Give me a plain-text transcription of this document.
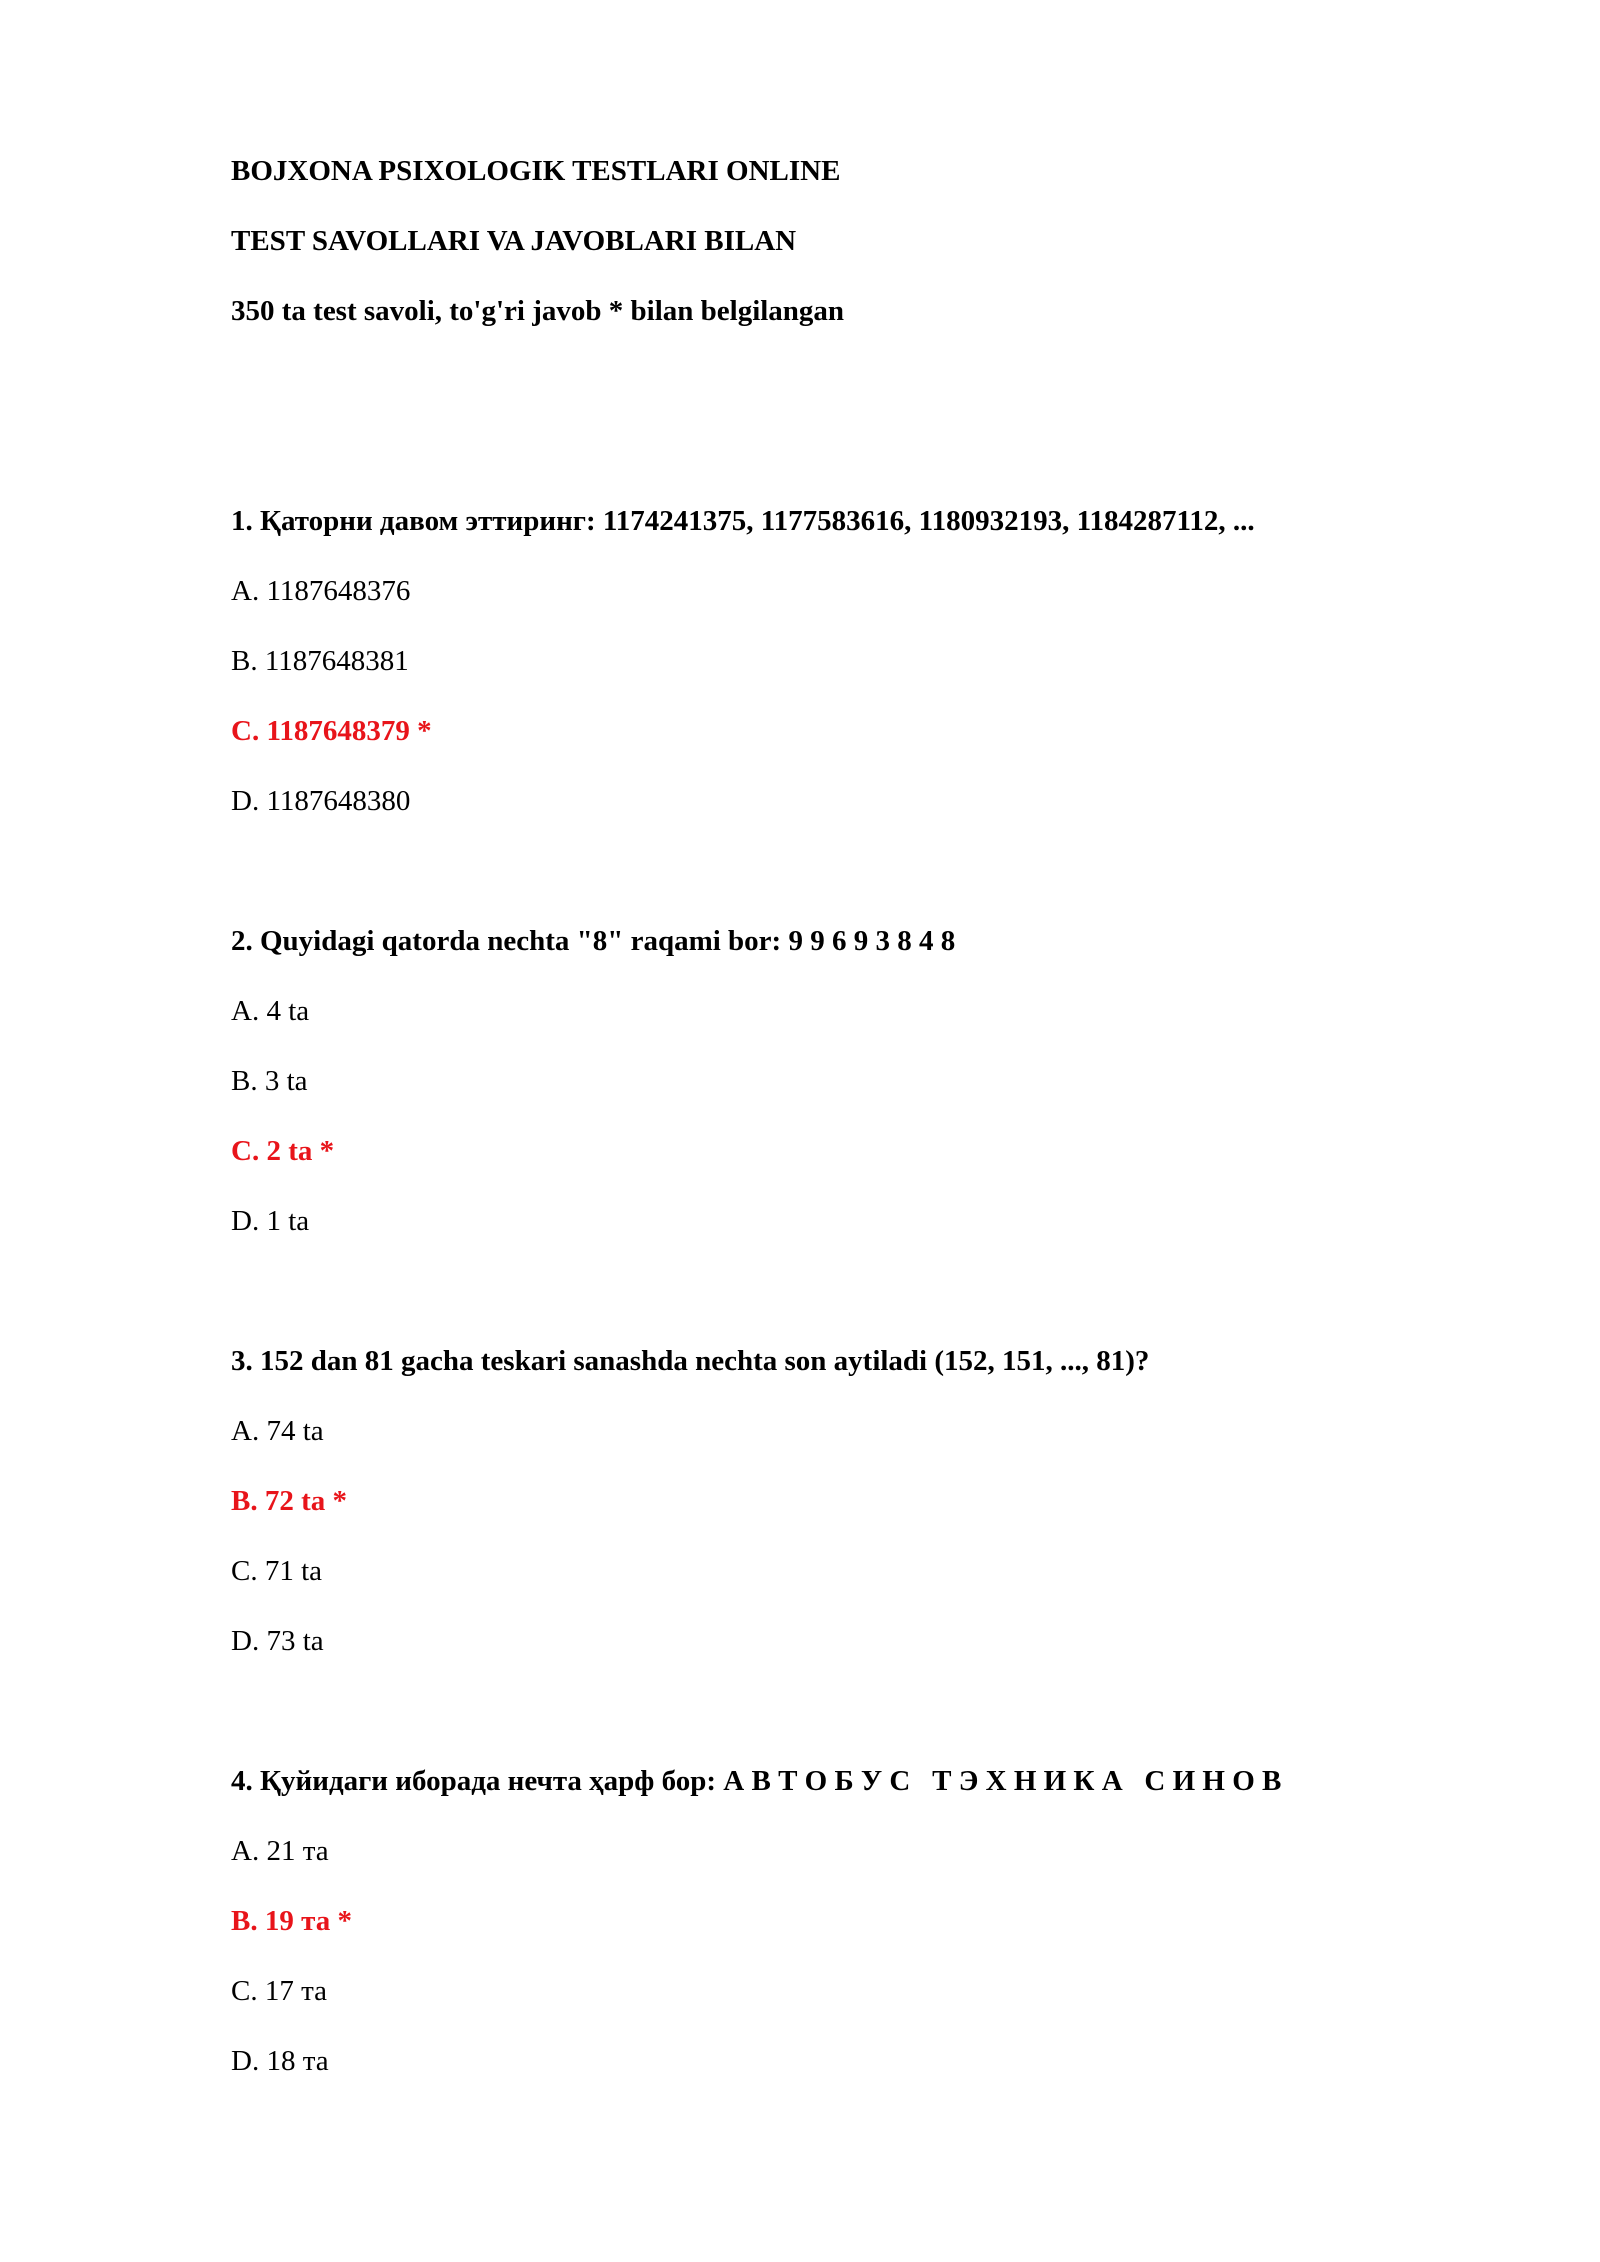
BOJXONA PSIXOLOGIK TESTLARI ONLINE
TEST SAVOLLARI VA JAVOBLARI BILAN
350 ta test savoli, to'g'ri javob * bilan belgilangan
1. Қаторни давом эттиринг: 1174241375, 1177583616, 1180932193, 1184287112, ...
A. 1187648376
B. 1187648381
C. 1187648379 *
D. 1187648380
2. Quyidagi qatorda nechta "8" raqami bor: 9 9 6 9 3 8 4 8
A. 4 ta
B. 3 ta
C. 2 ta *
D. 1 ta
3. 152 dan 81 gacha teskari sanashda nechta son aytiladi (152, 151, ..., 81)?
A. 74 ta
B. 72 ta *
C. 71 ta
D. 73 ta
4. Қуйидаги иборада нечта ҳарф бор: А В Т О Б У С   Т Э Х Н И К А   С И Н О В
A. 21 та
B. 19 та *
C. 17 та
D. 18 та
